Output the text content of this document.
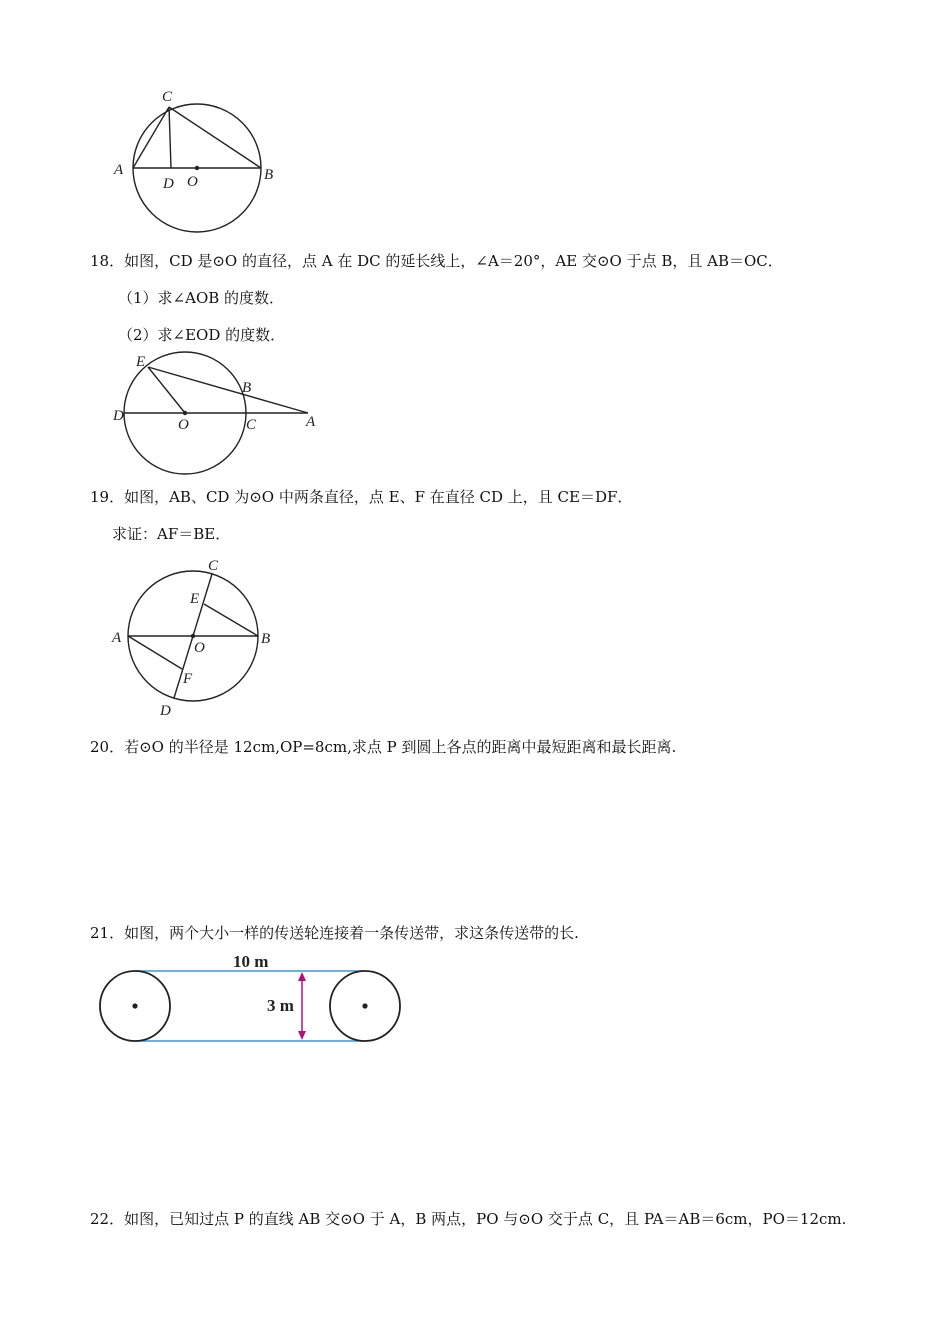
C
A
D O	B
18．如图，CD 是⊙O 的直径，点 A 在 DC 的延长线上，∠A＝20°，AE 交⊙O 于点 B，且 AB＝OC．
（1）求∠AOB 的度数．
（2）求∠EOD 的度数．
E
B
D
O	C	A
19．如图，AB、CD 为⊙O 中两条直径，点 E、F 在直径 CD 上，且 CE＝DF．
求证：AF＝BE．
C
E
A
O
B
F
D
20．若⊙O 的半径是 12cm,OP=8cm,求点 P 到圆上各点的距离中最短距离和最长距离.
21．如图，两个大小一样的传送轮连接着一条传送带，求这条传送带的长.
10 m
3 m
22．如图，已知过点 P 的直线 AB 交⊙O 于 A，B 两点，PO 与⊙O 交于点 C，且 PA＝AB＝6cm，PO＝12cm.
